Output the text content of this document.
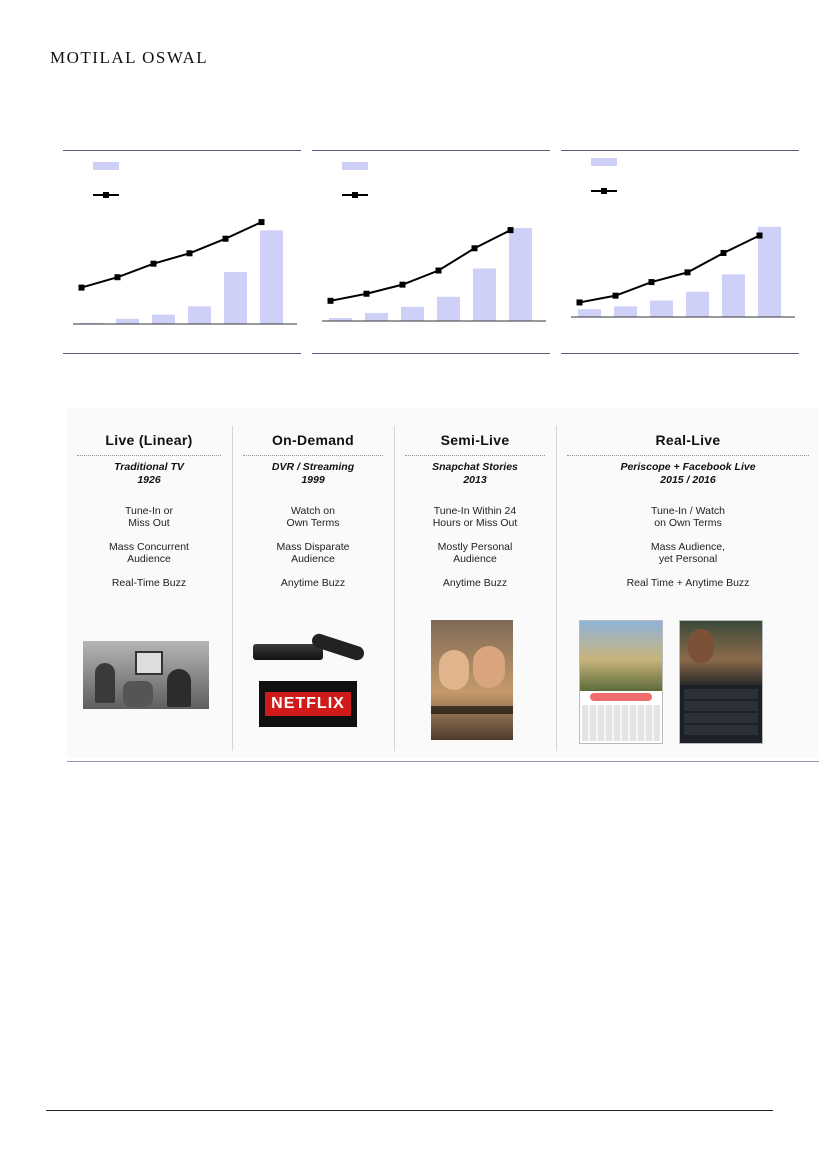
MOTILAL OSWAL
Live (Linear)
Traditional TV
1926
Tune-In or
Miss Out
Mass Concurrent
Audience
Real-Time Buzz
On-Demand
DVR / Streaming
1999
Watch on
Own Terms
Mass Disparate
Audience
Anytime Buzz
NETFLIX
Semi-Live
Snapchat Stories
2013
Tune-In Within 24
Hours or Miss Out
Mostly Personal
Audience
Anytime Buzz
Real-Live
Periscope + Facebook Live
2015 / 2016
Tune-In / Watch
on Own Terms
Mass Audience,
yet Personal
Real Time + Anytime Buzz
